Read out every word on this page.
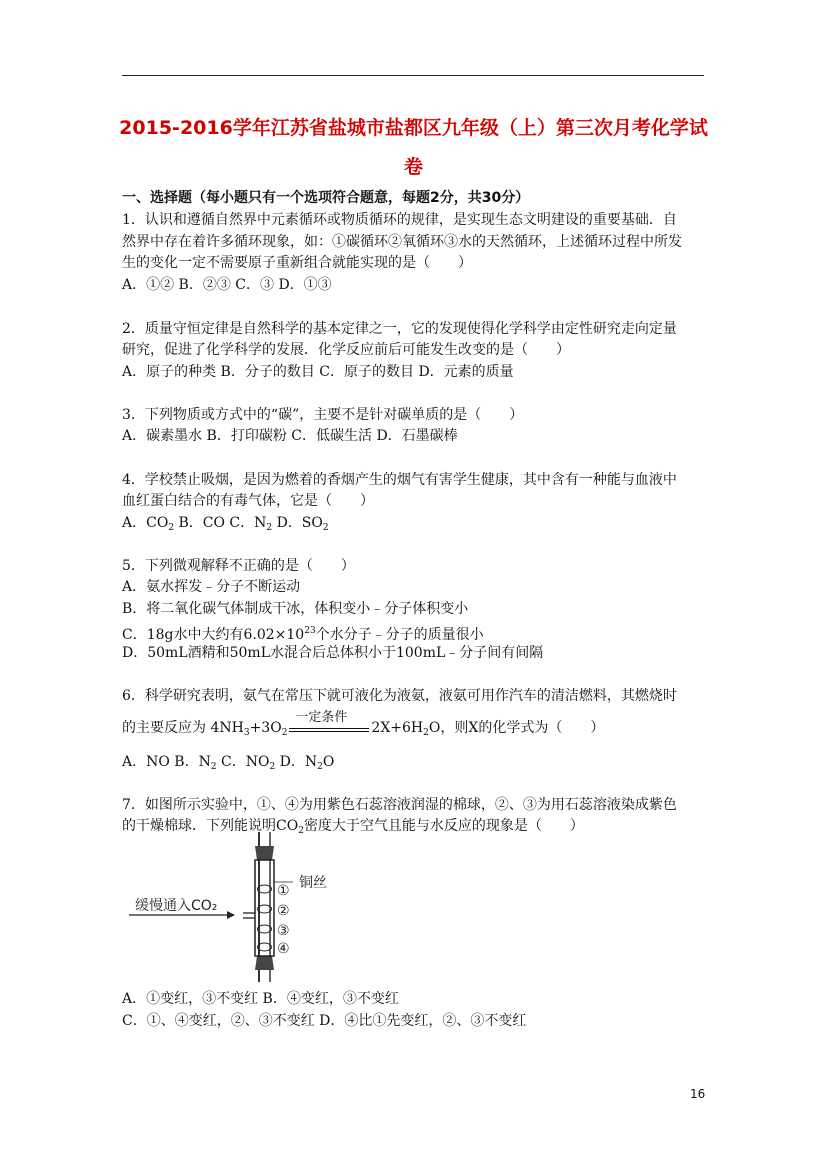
2015-2016学年江苏省盐城市盐都区九年级（上）第三次月考化学试
卷
一、选择题（每小题只有一个选项符合题意，每题2分，共30分）
1．认识和遵循自然界中元素循环或物质循环的规律，是实现生态文明建设的重要基础．自
然界中存在着许多循环现象，如：①碳循环②氧循环③水的天然循环，上述循环过程中所发
生的变化一定不需要原子重新组合就能实现的是（　　）
A．①② B．②③ C．③ D．①③
2．质量守恒定律是自然科学的基本定律之一，它的发现使得化学科学由定性研究走向定量
研究，促进了化学科学的发展．化学反应前后可能发生改变的是（　　）
A．原子的种类 B．分子的数目 C．原子的数目 D．元素的质量
3．下列物质或方式中的“碳”，主要不是针对碳单质的是（　　）
A．碳素墨水 B．打印碳粉 C．低碳生活 D．石墨碳棒
4．学校禁止吸烟，是因为燃着的香烟产生的烟气有害学生健康，其中含有一种能与血液中
血红蛋白结合的有毒气体，它是（　　）
A．$CO_2$ B．CO C．$N_2$ D．$SO_2$
5．下列微观解释不正确的是（　　）
A．氨水挥发﹣分子不断运动
B．将二氧化碳气体制成干冰，体积变小﹣分子体积变小
C．18g水中大约有$6.02\times 10^{23}$个水分子﹣分子的质量很小
D．50mL酒精和50mL水混合后总体积小于100mL﹣分子间有间隔
6．科学研究表明，氨气在常压下就可液化为液氨，液氨可用作汽车的清洁燃料，其燃烧时
的主要反应为 $4NH_3+3O_2$
一定条件
$2X+6H_2O$，则X的化学式为（　　）
A．NO B．$N_2$ C．$NO_2$ D．$N_2O$
7．如图所示实验中，①、④为用紫色石蕊溶液润湿的棉球，②、③为用石蕊溶液染成紫色
的干燥棉球．下列能说明$CO_2$密度大于空气且能与水反应的现象是（　　）
缓慢通入CO₂
①
②
③
④
铜丝
A．①变红，③不变红 B．④变红，③不变红
C．①、④变红，②、③不变红 D．④比①先变红，②、③不变红
16
